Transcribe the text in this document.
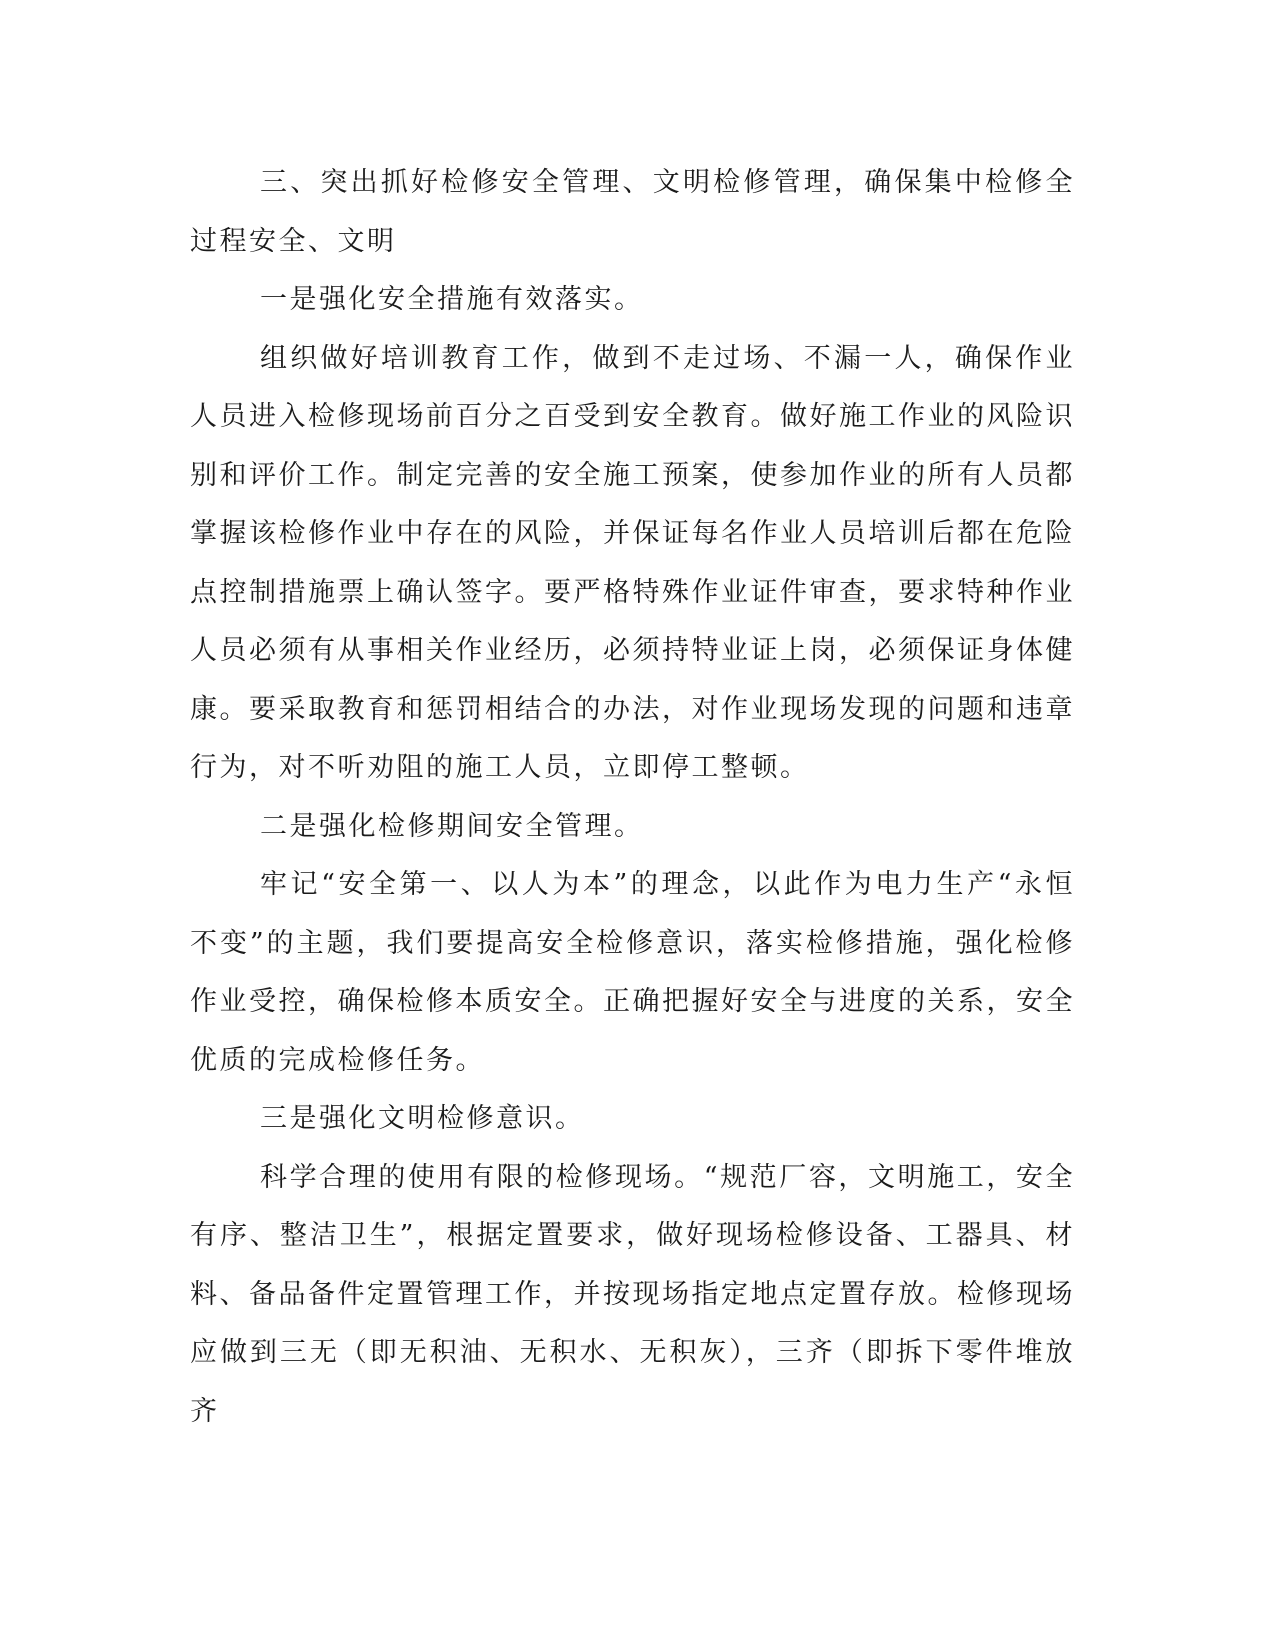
三、突出抓好检修安全管理、文明检修管理，确保集中检修全过程安全、文明

一是强化安全措施有效落实。

组织做好培训教育工作，做到不走过场、不漏一人，确保作业人员进入检修现场前百分之百受到安全教育。做好施工作业的风险识别和评价工作。制定完善的安全施工预案，使参加作业的所有人员都掌握该检修作业中存在的风险，并保证每名作业人员培训后都在危险点控制措施票上确认签字。要严格特殊作业证件审查，要求特种作业人员必须有从事相关作业经历，必须持特业证上岗，必须保证身体健康。要采取教育和惩罚相结合的办法，对作业现场发现的问题和违章行为，对不听劝阻的施工人员，立即停工整顿。

二是强化检修期间安全管理。

牢记“安全第一、以人为本”的理念，以此作为电力生产“永恒不变”的主题，我们要提高安全检修意识，落实检修措施，强化检修作业受控，确保检修本质安全。正确把握好安全与进度的关系，安全优质的完成检修任务。

三是强化文明检修意识。

科学合理的使用有限的检修现场。“规范厂容，文明施工，安全有序、整洁卫生”，根据定置要求，做好现场检修设备、工器具、材料、备品备件定置管理工作，并按现场指定地点定置存放。检修现场应做到三无（即无积油、无积水、无积灰），三齐（即拆下零件堆放齐
